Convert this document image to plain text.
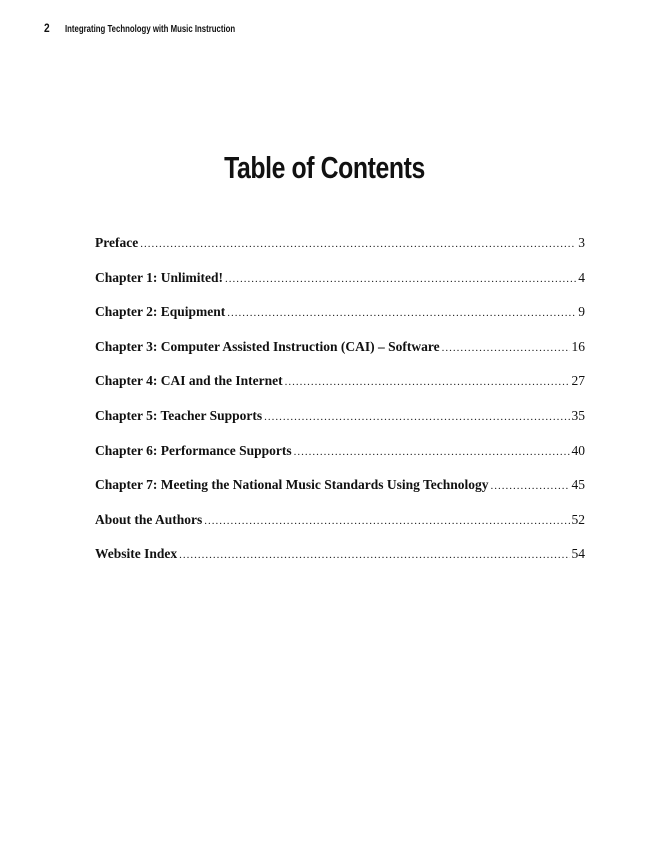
2 Integrating Technology with Music Instruction
Table of Contents
Preface .....	3
Chapter 1: Unlimited! .....	4
Chapter 2: Equipment .....	9
Chapter 3: Computer Assisted Instruction (CAI) – Software .....	16
Chapter 4: CAI and the Internet .....	27
Chapter 5: Teacher Supports .....	35
Chapter 6: Performance Supports .....	40
Chapter 7: Meeting the National Music Standards Using Technology .....	45
About the Authors .....	52
Website Index .....	54
